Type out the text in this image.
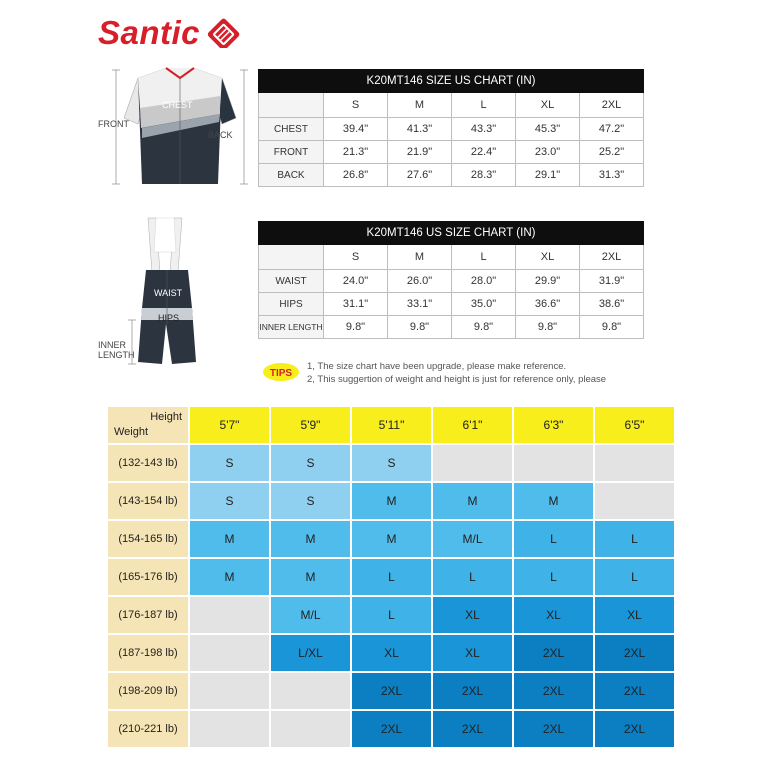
Santic
CHEST
FRONT
BACK
K20MT146 SIZE US CHART (IN)					
	S	M	L	XL	2XL
CHEST	39.4"	41.3"	43.3"	45.3"	47.2"
FRONT	21.3"	21.9"	22.4"	23.0"	25.2"
BACK	26.8"	27.6"	28.3"	29.1"	31.3"
WAIST
HIPS
INNER LENGTH
K20MT146 US SIZE CHART (IN)					
	S	M	L	XL	2XL
WAIST	24.0"	26.0"	28.0"	29.9"	31.9"
HIPS	31.1"	33.1"	35.0"	36.6"	38.6"
INNER LENGTH	9.8"	9.8"	9.8"	9.8"	9.8"
TIPS
1, The size chart have been upgrade, please make reference.
2, This suggertion of weight and height is just for reference only, please
Height
Weight	5'7"	5'9"	5'11"	6'1"	6'3"	6'5"
(132-143 lb)	S	S	S			
(143-154 lb)	S	S	M	M	M	
(154-165 lb)	M	M	M	M/L	L	L
(165-176 lb)	M	M	L	L	L	L
(176-187 lb)		M/L	L	XL	XL	XL
(187-198 lb)		L/XL	XL	XL	2XL	2XL
(198-209 lb)			2XL	2XL	2XL	2XL
(210-221 lb)			2XL	2XL	2XL	2XL
